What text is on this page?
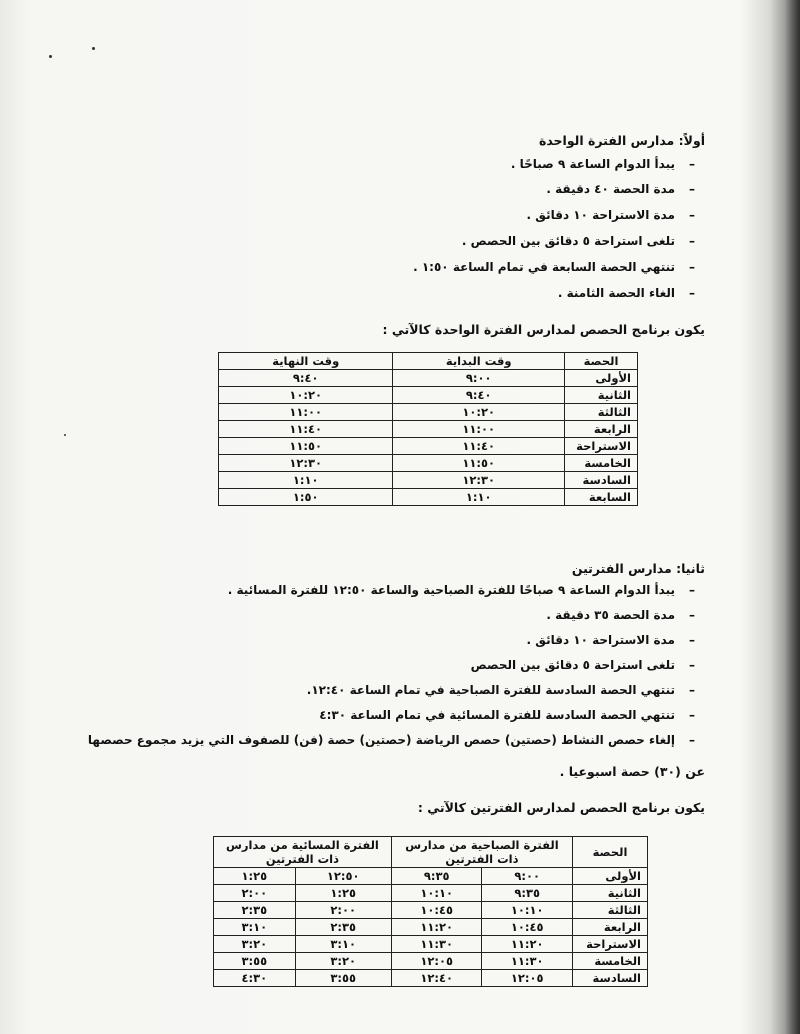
أولاً: مدارس الفترة الواحدة
– يبدأ الدوام الساعة ٩ صباحًا .
– مدة الحصة ٤٠ دقيقة .
– مدة الاستراحة ١٠ دقائق .
– تلغى استراحة ٥ دقائق بين الحصص .
– تنتهي الحصة السابعة في تمام الساعة ١:٥٠ .
– الغاء الحصة الثامنة .
يكون برنامج الحصص لمدارس الفترة الواحدة كالآتي :
الحصة	وقت البداية	وقت النهاية
الأولى	٩:٠٠	٩:٤٠
الثانية	٩:٤٠	١٠:٢٠
الثالثة	١٠:٢٠	١١:٠٠
الرابعة	١١:٠٠	١١:٤٠
الاستراحة	١١:٤٠	١١:٥٠
الخامسة	١١:٥٠	١٢:٣٠
السادسة	١٢:٣٠	١:١٠
السابعة	١:١٠	١:٥٠
ثانيا: مدارس الفترتين
– يبدأ الدوام الساعة ٩ صباحًا للفترة الصباحية والساعة ١٢:٥٠ للفترة المسائية .
– مدة الحصة ٣٥ دقيقة .
– مدة الاستراحة ١٠ دقائق .
– تلغى استراحة ٥ دقائق بين الحصص
– تنتهي الحصة السادسة للفترة الصباحية في تمام الساعة ١٢:٤٠.
– تنتهي الحصة السادسة للفترة المسائية في تمام الساعة ٤:٣٠
– إلغاء حصص النشاط (حصتين) حصص الرياضة (حصتين) حصة (فن) للصفوف التي يزيد مجموع حصصها
عن (٣٠) حصة اسبوعيا .
يكون برنامج الحصص لمدارس الفترتين كالآتي :
الحصة	الفترة الصباحية من مدارس ذات الفترتين		الفترة المسائية من مدارس ذات الفترتين	
الأولى	٩:٠٠	٩:٣٥	١٢:٥٠	١:٢٥
الثانية	٩:٣٥	١٠:١٠	١:٢٥	٢:٠٠
الثالثة	١٠:١٠	١٠:٤٥	٢:٠٠	٢:٣٥
الرابعة	١٠:٤٥	١١:٢٠	٢:٣٥	٣:١٠
الاستراحة	١١:٢٠	١١:٣٠	٣:١٠	٣:٢٠
الخامسة	١١:٣٠	١٢:٠٥	٣:٢٠	٣:٥٥
السادسة	١٢:٠٥	١٢:٤٠	٣:٥٥	٤:٣٠
